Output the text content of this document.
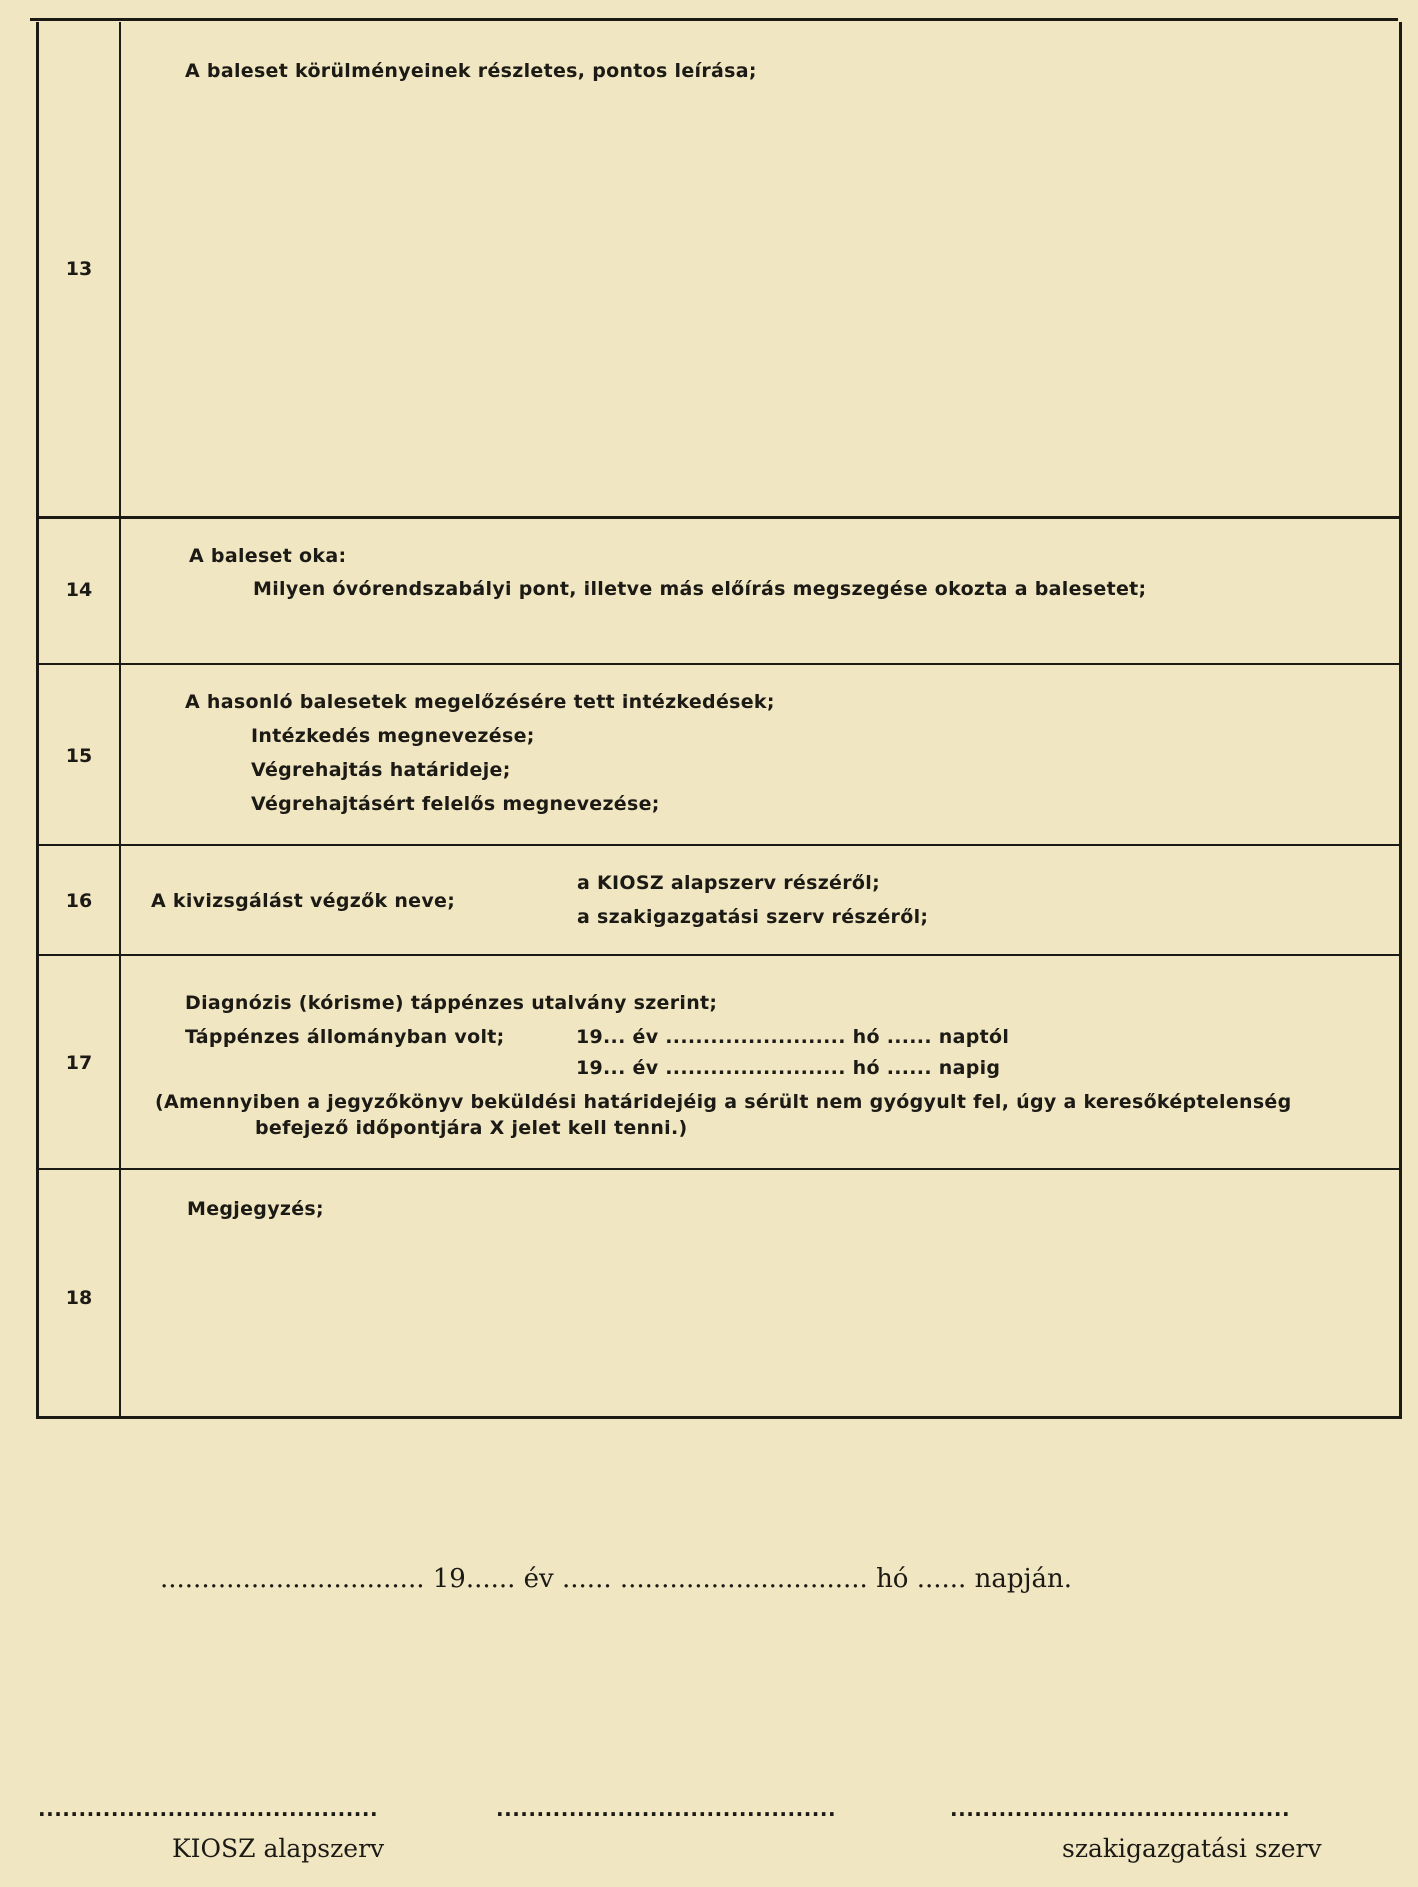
13
A baleset körülményeinek részletes, pontos leírása;
14
A baleset oka:
Milyen óvórendszabályi pont, illetve más előírás megszegése okozta a balesetet;
15
A hasonló balesetek megelőzésére tett intézkedések;
Intézkedés megnevezése;
Végrehajtás határideje;
Végrehajtásért felelős megnevezése;
16	A kivizsgálást végzők neve;
a KIOSZ alapszerv részéről;
a szakigazgatási szerv részéről;
17
Diagnózis (kórisme) táppénzes utalvány szerint;
Táppénzes állományban volt;	19... év ........................ hó ...... naptól
19... év ........................ hó ...... napig
(Amennyiben a jegyzőkönyv beküldési határidejéig a sérült nem gyógyult fel, úgy a keresőképtelenség
befejező időpontjára X jelet kell tenni.)
18
Megjegyzés;
................................ 19...... év ...... .............................. hó ...... napján.
..........................................	..........................................	..........................................
KIOSZ alapszerv	szakigazgatási szerv
